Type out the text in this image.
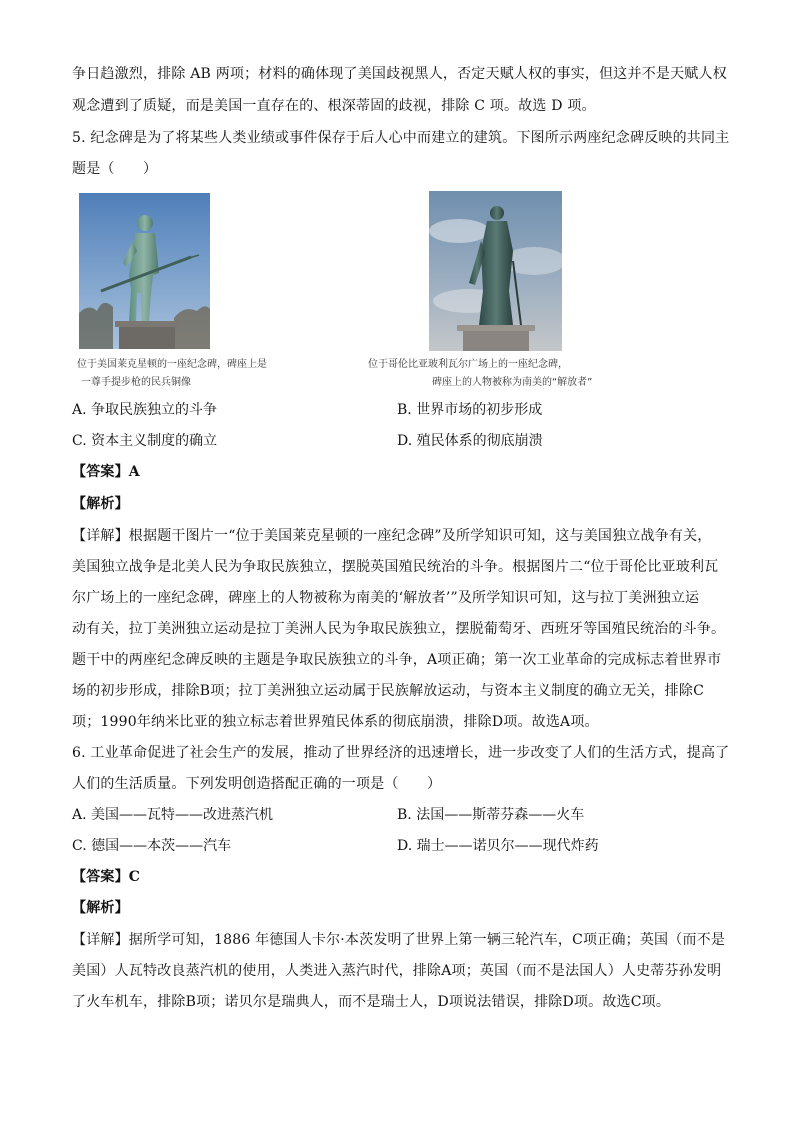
争日趋激烈，排除 AB 两项；材料的确体现了美国歧视黑人，否定天赋人权的事实，但这并不是天赋人权
观念遭到了质疑，而是美国一直存在的、根深蒂固的歧视，排除 C 项。故选 D 项。
5. 纪念碑是为了将某些人类业绩或事件保存于后人心中而建立的建筑。下图所示两座纪念碑反映的共同主
题是（　　）
位于美国莱克星顿的一座纪念碑，碑座上是
一尊手提步枪的民兵铜像
位于哥伦比亚玻利瓦尔广场上的一座纪念碑，
碑座上的人物被称为南美的“解放者”
A. 争取民族独立的斗争	B. 世界市场的初步形成
C. 资本主义制度的确立	D. 殖民体系的彻底崩溃
【答案】A
【解析】
【详解】根据题干图片一“位于美国莱克星顿的一座纪念碑”及所学知识可知，这与美国独立战争有关，
美国独立战争是北美人民为争取民族独立，摆脱英国殖民统治的斗争。根据图片二“位于哥伦比亚玻利瓦
尔广场上的一座纪念碑，碑座上的人物被称为南美的‘解放者’”及所学知识可知，这与拉丁美洲独立运
动有关，拉丁美洲独立运动是拉丁美洲人民为争取民族独立，摆脱葡萄牙、西班牙等国殖民统治的斗争。
题干中的两座纪念碑反映的主题是争取民族独立的斗争，A项正确；第一次工业革命的完成标志着世界市
场的初步形成，排除B项；拉丁美洲独立运动属于民族解放运动，与资本主义制度的确立无关，排除C
项；1990年纳米比亚的独立标志着世界殖民体系的彻底崩溃，排除D项。故选A项。
6. 工业革命促进了社会生产的发展，推动了世界经济的迅速增长，进一步改变了人们的生活方式，提高了
人们的生活质量。下列发明创造搭配正确的一项是（　　）
A. 美国——瓦特——改进蒸汽机	B. 法国——斯蒂芬森——火车
C. 德国——本茨——汽车	D. 瑞士——诺贝尔——现代炸药
【答案】C
【解析】
【详解】据所学可知，1886 年德国人卡尔·本茨发明了世界上第一辆三轮汽车，C项正确；英国（而不是
美国）人瓦特改良蒸汽机的使用，人类进入蒸汽时代，排除A项；英国（而不是法国人）人史蒂芬孙发明
了火车机车，排除B项；诺贝尔是瑞典人，而不是瑞士人，D项说法错误，排除D项。故选C项。
